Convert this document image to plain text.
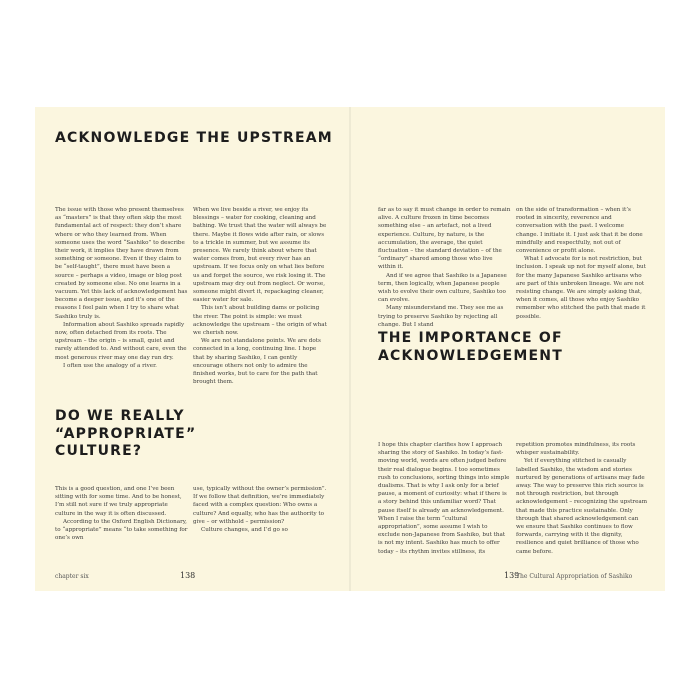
ACKNOWLEDGE THE UPSTREAM

The issue with those who present themselves as “masters” is that they often skip the most fundamental act of respect: they don’t share where or who they learned from. When someone uses the word “Sashiko” to describe their work, it implies they have drawn from something or someone. Even if they claim to be “self-taught”, there must have been a source – perhaps a video, image or blog post created by someone else. No one learns in a vacuum. Yet this lack of acknowledgement has become a deeper issue, and it’s one of the reasons I feel pain when I try to share what Sashiko truly is.

Information about Sashiko spreads rapidly now, often detached from its roots. The upstream – the origin – is small, quiet and rarely attended to. And without care, even the most generous river may one day run dry.

I often use the analogy of a river.

When we live beside a river, we enjoy its blessings – water for cooking, cleaning and bathing. We trust that the water will always be there. Maybe it flows wide after rain, or slows to a trickle in summer, but we assume its presence. We rarely think about where that water comes from, but every river has an upstream. If we focus only on what lies before us and forget the source, we risk losing it. The upstream may dry out from neglect. Or worse, someone might divert it, repackaging cleaner, easier water for sale.

This isn’t about building dams or policing the river. The point is simple: we must acknowledge the upstream – the origin of what we cherish now.

We are not standalone points. We are dots connected in a long, continuing line. I hope that by sharing Sashiko, I can gently encourage others not only to admire the finished works, but to care for the path that brought them.

DO WE REALLY “APPROPRIATE” CULTURE?

This is a good question, and one I’ve been sitting with for some time. And to be honest, I’m still not sure if we truly appropriate culture in the way it is often discussed.

According to the Oxford English Dictionary, to “appropriate” means “to take something for one’s own

use, typically without the owner’s permission”. If we follow that definition, we’re immediately faced with a complex question: Who owns a culture? And equally, who has the authority to give – or withhold – permission?

Culture changes, and I’d go so

chapter six	138

far as to say it must change in order to remain alive. A culture frozen in time becomes something else – an artefact, not a lived experience. Culture, by nature, is the accumulation, the average, the quiet fluctuation – the standard deviation – of the “ordinary” shared among those who live within it.

And if we agree that Sashiko is a Japanese term, then logically, when Japanese people wish to evolve their own culture, Sashiko too can evolve.

Many misunderstand me. They see me as trying to preserve Sashiko by rejecting all change. But I stand

on the side of transformation – when it’s rooted in sincerity, reverence and conversation with the past. I welcome change. I initiate it. I just ask that it be done mindfully and respectfully, not out of convenience or profit alone.

What I advocate for is not restriction, but inclusion. I speak up not for myself alone, but for the many Japanese Sashiko artisans who are part of this unbroken lineage. We are not resisting change. We are simply asking that, when it comes, all those who enjoy Sashiko remember who stitched the path that made it possible.

THE IMPORTANCE OF ACKNOWLEDGEMENT

I hope this chapter clarifies how I approach sharing the story of Sashiko. In today’s fast-moving world, words are often judged before their real dialogue begins. I too sometimes rush to conclusions, sorting things into simple dualisms. That is why I ask only for a brief pause, a moment of curiosity: what if there is a story behind this unfamiliar word? That pause itself is already an acknowledgement. When I raise the term “cultural appropriation”, some assume I wish to exclude non-Japanese from Sashiko, but that is not my intent. Sashiko has much to offer today – its rhythm invites stillness, its

repetition promotes mindfulness, its roots whisper sustainability.

Yet if everything stitched is casually labelled Sashiko, the wisdom and stories nurtured by generations of artisans may fade away. The way to preserve this rich source is not through restriction, but through acknowledgement – recognizing the upstream that made this practice sustainable. Only through that shared acknowledgement can we ensure that Sashiko continues to flow forwards, carrying with it the dignity, resilience and quiet brilliance of those who came before.

139
The Cultural Appropriation of Sashiko
